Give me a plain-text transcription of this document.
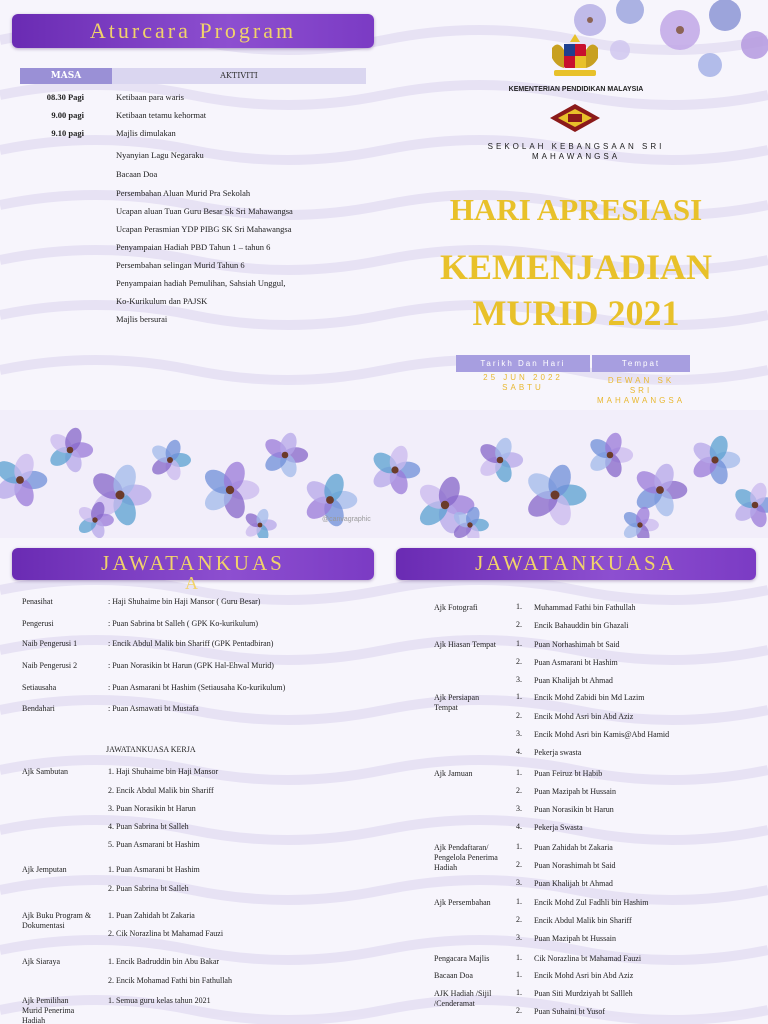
Aturcara Program
MASA	AKTIVITI
08.30 Pagi	Ketibaan para waris
9.00 pagi	Ketibaan tetamu kehormat
9.10 pagi	Majlis dimulakan
Nyanyian Lagu Negaraku
Bacaan Doa
Persembahan Aluan Murid Pra Sekolah
Ucapan aluan Tuan Guru Besar Sk Sri Mahawangsa
Ucapan Perasmian YDP PIBG SK Sri Mahawangsa
Penyampaian Hadiah PBD Tahun 1 – tahun 6
Persembahan selingan Murid Tahun 6
Penyampaian hadiah Pemulihan, Sahsiah Unggul,
Ko-Kurikulum dan PAJSK
Majlis bersurai
KEMENTERIAN PENDIDIKAN MALAYSIA
SEKOLAH KEBANGSAAN SRI
MAHAWANGSA
HARI APRESIASI
KEMENJADIAN
MURID 2021
Tarikh Dan Hari	Tempat
25 JUN 2022
SABTU
DEWAN SK
SRI
MAHAWANGSA
@canvagraphic
JAWATANKUAS
A
Penasihat	: Haji Shuhaime bin Haji Mansor ( Guru Besar)
Pengerusi	: Puan Sabrina bt Salleh ( GPK Ko-kurikulum)
Naib Pengerusi 1	: Encik Abdul Malik bin Shariff (GPK Pentadbiran)
Naib Pengerusi 2	: Puan Norasikin bt Harun (GPK Hal-Ehwal Murid)
Setiausaha	: Puan Asmarani bt Hashim (Setiausaha Ko-kurikulum)
Bendahari	: Puan Asmawati bt Mustafa
JAWATANKUASA KERJA
Ajk Sambutan	1. Haji Shuhaime bin Haji Mansor
2. Encik Abdul Malik bin Shariff
3. Puan Norasikin bt Harun
4. Puan Sabrina bt Salleh
5. Puan Asmarani bt Hashim
Ajk Jemputan	1. Puan Asmarani bt Hashim
2. Puan Sabrina bt Salleh
Ajk Buku Program &
Dokumentasi
1. Puan Zahidah bt Zakaria
2. Cik Norazlina bt Mahamad Fauzi
Ajk Siaraya	1. Encik Badruddin bin Abu Bakar
2. Encik Mohamad Fathi bin Fathullah
Ajk Pemilihan
Murid Penerima
Hadiah
1. Semua guru kelas tahun 2021
JAWATANKUASA
Ajk Fotografi	1. Muhammad Fathi bin Fathullah
2. Encik Bahauddin bin Ghazali
Ajk Hiasan Tempat	1. Puan Norhashimah bt Said
2. Puan Asmarani bt Hashim
3. Puan Khalijah bt Ahmad
Ajk Persiapan
Tempat
1. Encik Mohd Zabidi bin Md Lazim
2. Encik Mohd Asri bin Abd Aziz
3. Encik Mohd Asri bin Kamis@Abd Hamid
4. Pekerja swasta
Ajk Jamuan	1. Puan Feiruz bt Habib
2. Puan Mazipah bt Hussain
3. Puan Norasikin bt Harun
4. Pekerja Swasta
Ajk Pendaftaran/
Pengelola Penerima
Hadiah
1. Puan Zahidah bt Zakaria
2. Puan Norashimah bt Said
3. Puan Khalijah bt Ahmad
Ajk Persembahan	1. Encik Mohd Zul Fadhli bin Hashim
2. Encik Abdul Malik bin Shariff
3. Puan Mazipah bt Hussain
Pengacara Majlis	1. Cik Norazlina bt Mahamad Fauzi
Bacaan Doa	1. Encik Mohd Asri bin Abd Aziz
AJK Hadiah /Sijil
/Cenderamat
1. Puan Siti Murdziyah bt Sallleh
2. Puan Suhaini bt Yusof
